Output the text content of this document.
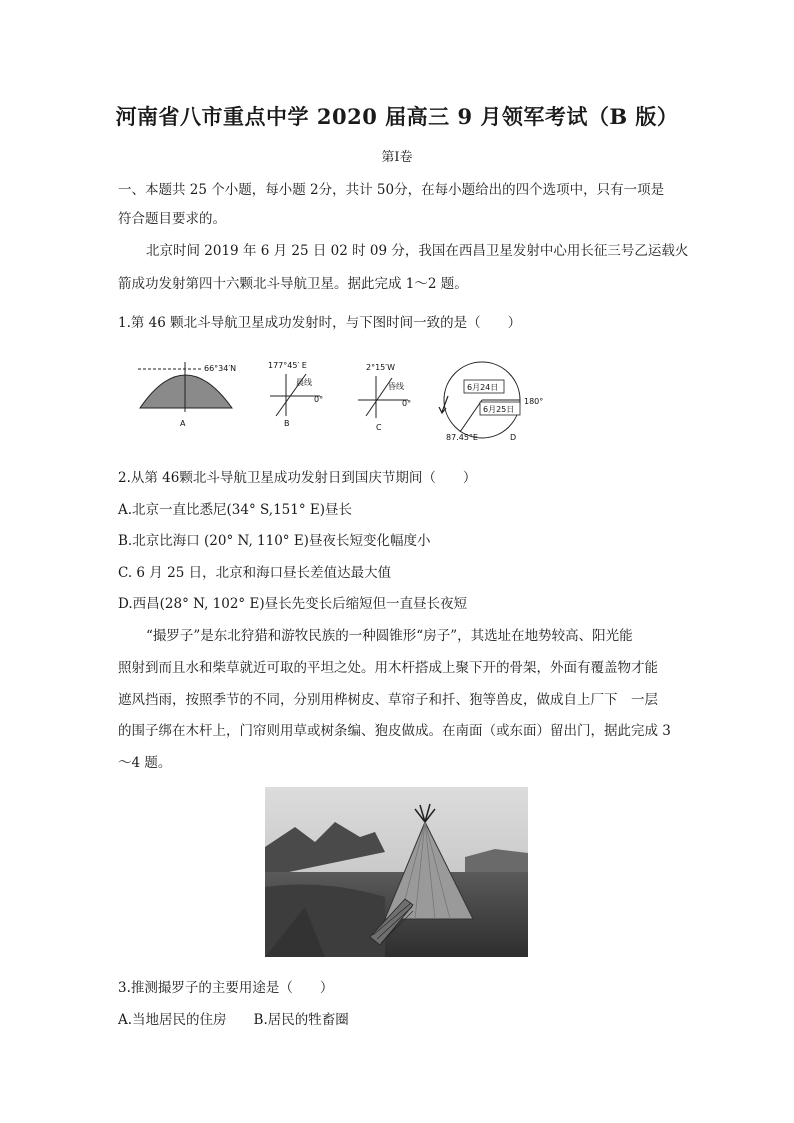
河南省八市重点中学 2020 届高三 9 月领军考试（B 版）
第Ⅰ卷
一、本题共 25 个小题，每小题 2分，共计 50分，在每小题给出的四个选项中，只有一项是
符合题目要求的。
北京时间 2019 年 6 月 25 日 02 时 09 分，我国在西昌卫星发射中心用长征三号乙运载火
箭成功发射第四十六颗北斗导航卫星。据此完成 1～2 题。
1.第 46 颗北斗导航卫星成功发射时，与下图时间一致的是（　　）
66°34′N
A
177°45′ E
晨线
0°
B
2°15′W
昏线
0°
C
6月24日
6月25日
180°
87.45°E	D
2.从第 46颗北斗导航卫星成功发射日到国庆节期间（　　）
A.北京一直比悉尼(34° S,151° E)昼长
B.北京比海口 (20° N, 110° E)昼夜长短变化幅度小
C. 6 月 25 日，北京和海口昼长差值达最大值
D.西昌(28° N, 102° E)昼长先变长后缩短但一直昼长夜短
“撮罗子”是东北狩猎和游牧民族的一种圆锥形“房子”，其选址在地势较高、阳光能
照射到而且水和柴草就近可取的平坦之处。用木杆搭成上聚下开的骨架，外面有覆盖物才能
遮风挡雨，按照季节的不同，分别用桦树皮、草帘子和扦、狍等兽皮，做成自上厂下　一层
的围子绑在木杆上，门帘则用草或树条编、狍皮做成。在南面（或东面）留出门，据此完成 3
～4 题。
3.推测撮罗子的主要用途是（　　）
A.当地居民的住房　　B.居民的牲畜圈
